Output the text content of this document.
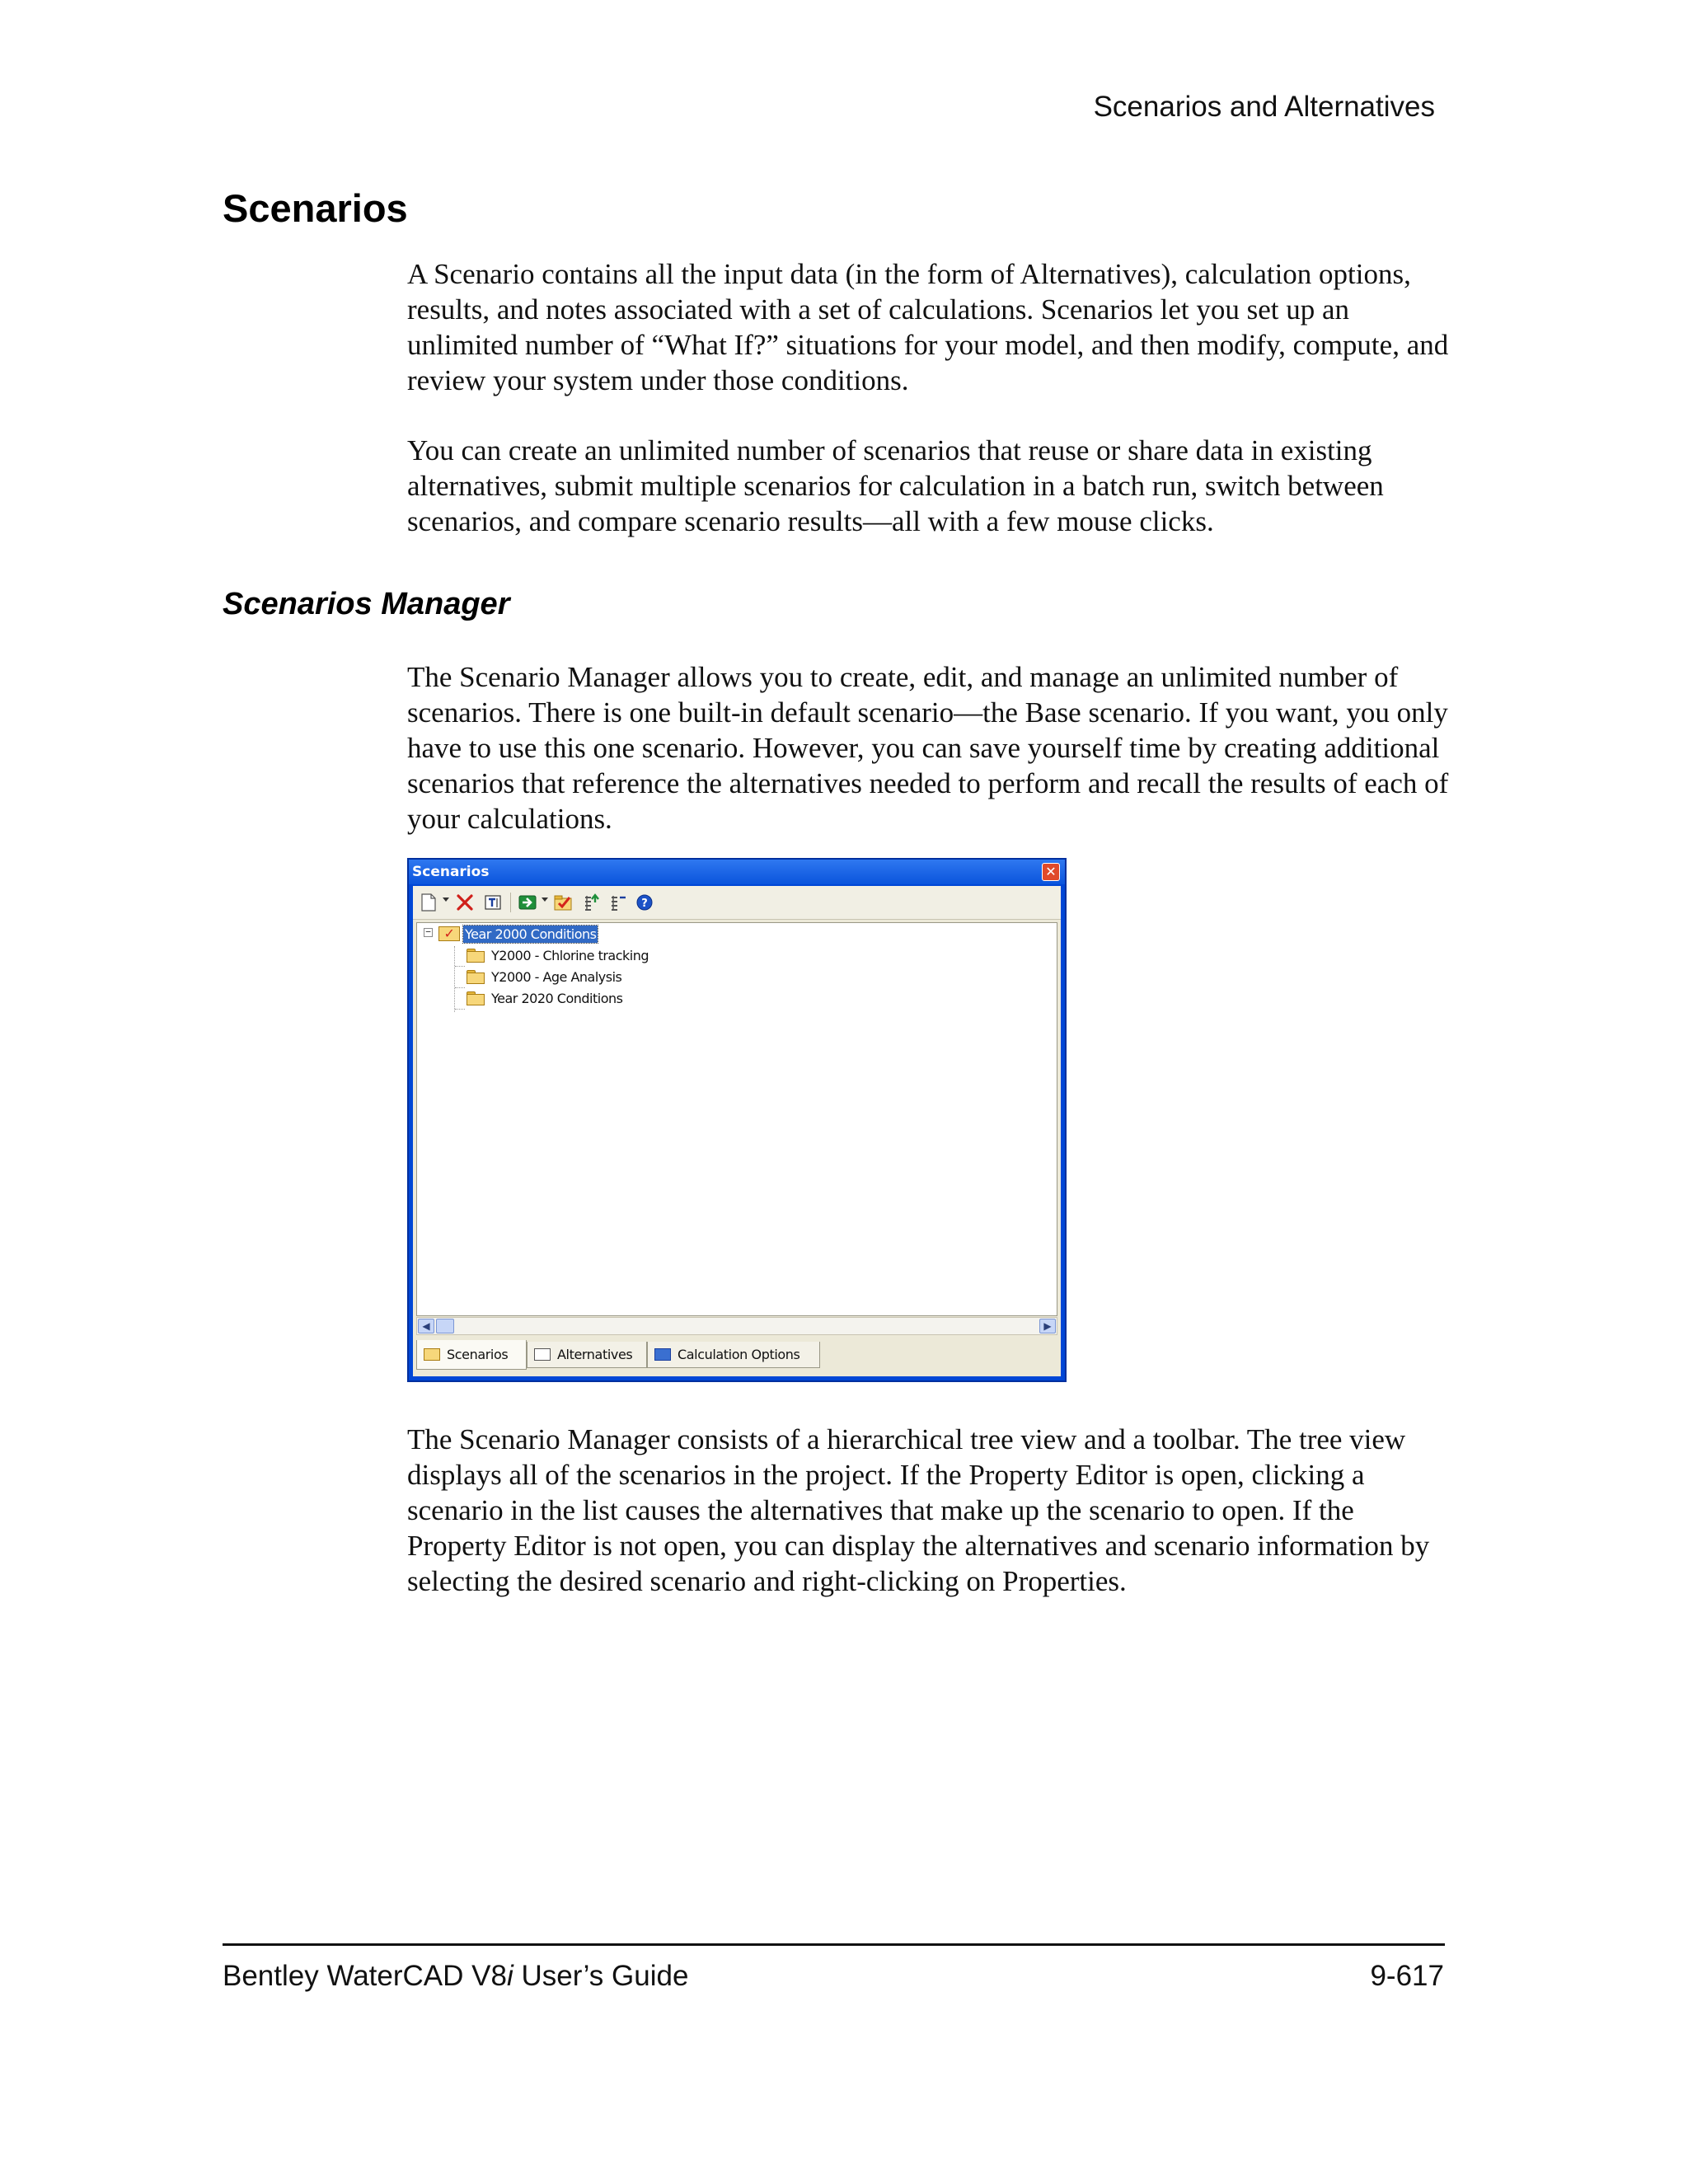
Scenarios and Alternatives
Scenarios

A Scenario contains all the input data (in the form of Alternatives), calculation options, results, and notes associated with a set of calculations. Scenarios let you set up an unlimited number of “What If?” situations for your model, and then modify, compute, and review your system under those conditions.

You can create an unlimited number of scenarios that reuse or share data in existing alternatives, submit multiple scenarios for calculation in a batch run, switch between scenarios, and compare scenario results—all with a few mouse clicks.

Scenarios Manager

The Scenario Manager allows you to create, edit, and manage an unlimited number of scenarios. There is one built-in default scenario—the Base scenario. If you want, you only have to use this one scenario. However, you can save yourself time by creating additional scenarios that reference the alternatives needed to perform and recall the results of each of your calculations.

Scenarios	✕
?
− ✓ Year 2000 Conditions
Y2000 - Chlorine tracking
Y2000 - Age Analysis
Year 2020 Conditions
◀	▶
Scenarios	Alternatives	Calculation Options

The Scenario Manager consists of a hierarchical tree view and a toolbar. The tree view displays all of the scenarios in the project. If the Property Editor is open, clicking a scenario in the list causes the alternatives that make up the scenario to open. If the Property Editor is not open, you can display the alternatives and scenario information by selecting the desired scenario and right-clicking on Properties.

Bentley WaterCAD V8i User’s Guide	9-617
